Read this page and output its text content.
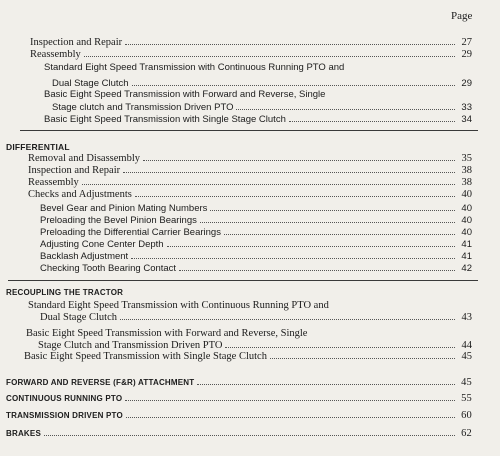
Page
Inspection and Repair	27
Reassembly	29
Standard Eight Speed Transmission with Continuous Running PTO and
Dual Stage Clutch	29
Basic Eight Speed Transmission with Forward and Reverse, Single
Stage clutch and Transmission Driven PTO	33
Basic Eight Speed Transmission with Single Stage Clutch	34
DIFFERENTIAL
Removal and Disassembly	35
Inspection and Repair	38
Reassembly	38
Checks and Adjustments	40
Bevel Gear and Pinion Mating Numbers	40
Preloading the Bevel Pinion Bearings	40
Preloading the Differential Carrier Bearings	40
Adjusting Cone Center Depth	41
Backlash Adjustment	41
Checking Tooth Bearing Contact	42
RECOUPLING THE TRACTOR
Standard Eight Speed Transmission with Continuous Running PTO and
Dual Stage Clutch	43
Basic Eight Speed Transmission with Forward and Reverse, Single
Stage Clutch and Transmission Driven PTO	44
Basic Eight Speed Transmission with Single Stage Clutch	45
FORWARD AND REVERSE (F&R) ATTACHMENT	45
CONTINUOUS RUNNING PTO	55
TRANSMISSION DRIVEN PTO	60
BRAKES	62
